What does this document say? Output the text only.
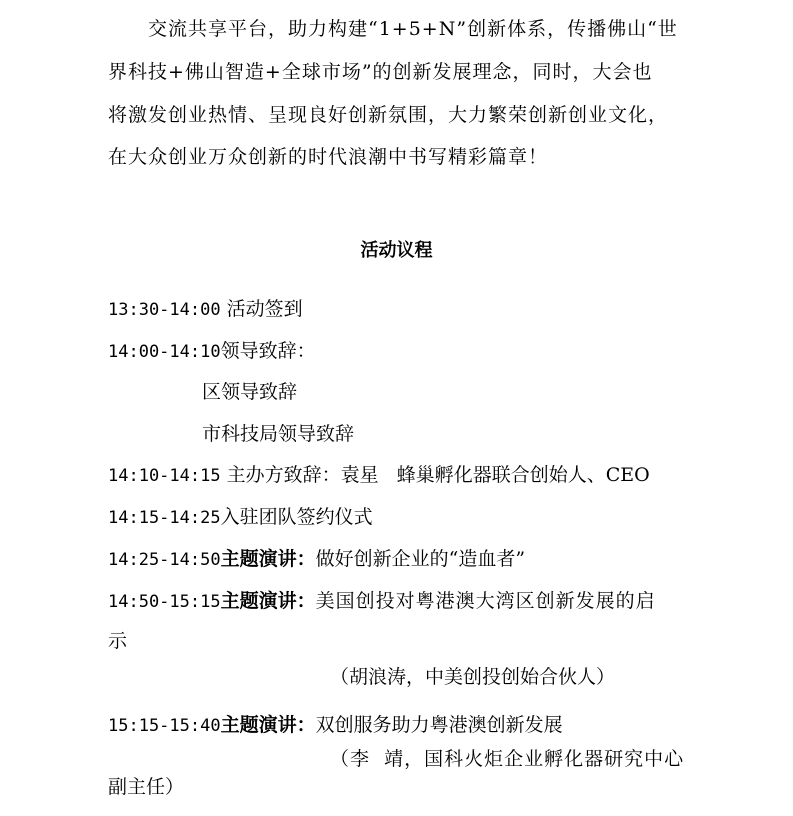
交流共享平台，助力构建“1+5+N”创新体系，传播佛山“世
界科技+佛山智造+全球市场”的创新发展理念，同时，大会也
将激发创业热情、呈现良好创新氛围，大力繁荣创新创业文化，
在大众创业万众创新的时代浪潮中书写精彩篇章！
活动议程
13:30-14:00 活动签到
14:00-14:10领导致辞：
区领导致辞
市科技局领导致辞
14:10-14:15 主办方致辞：袁星   蜂巢孵化器联合创始人、CEO
14:15-14:25入驻团队签约仪式
14:25-14:50主题演讲：做好创新企业的“造血者”
14:50-15:15主题演讲：美国创投对粤港澳大湾区创新发展的启
示
（胡浪涛，中美创投创始合伙人）
15:15-15:40主题演讲：双创服务助力粤港澳创新发展
（李  靖，国科火炬企业孵化器研究中心
副主任）
